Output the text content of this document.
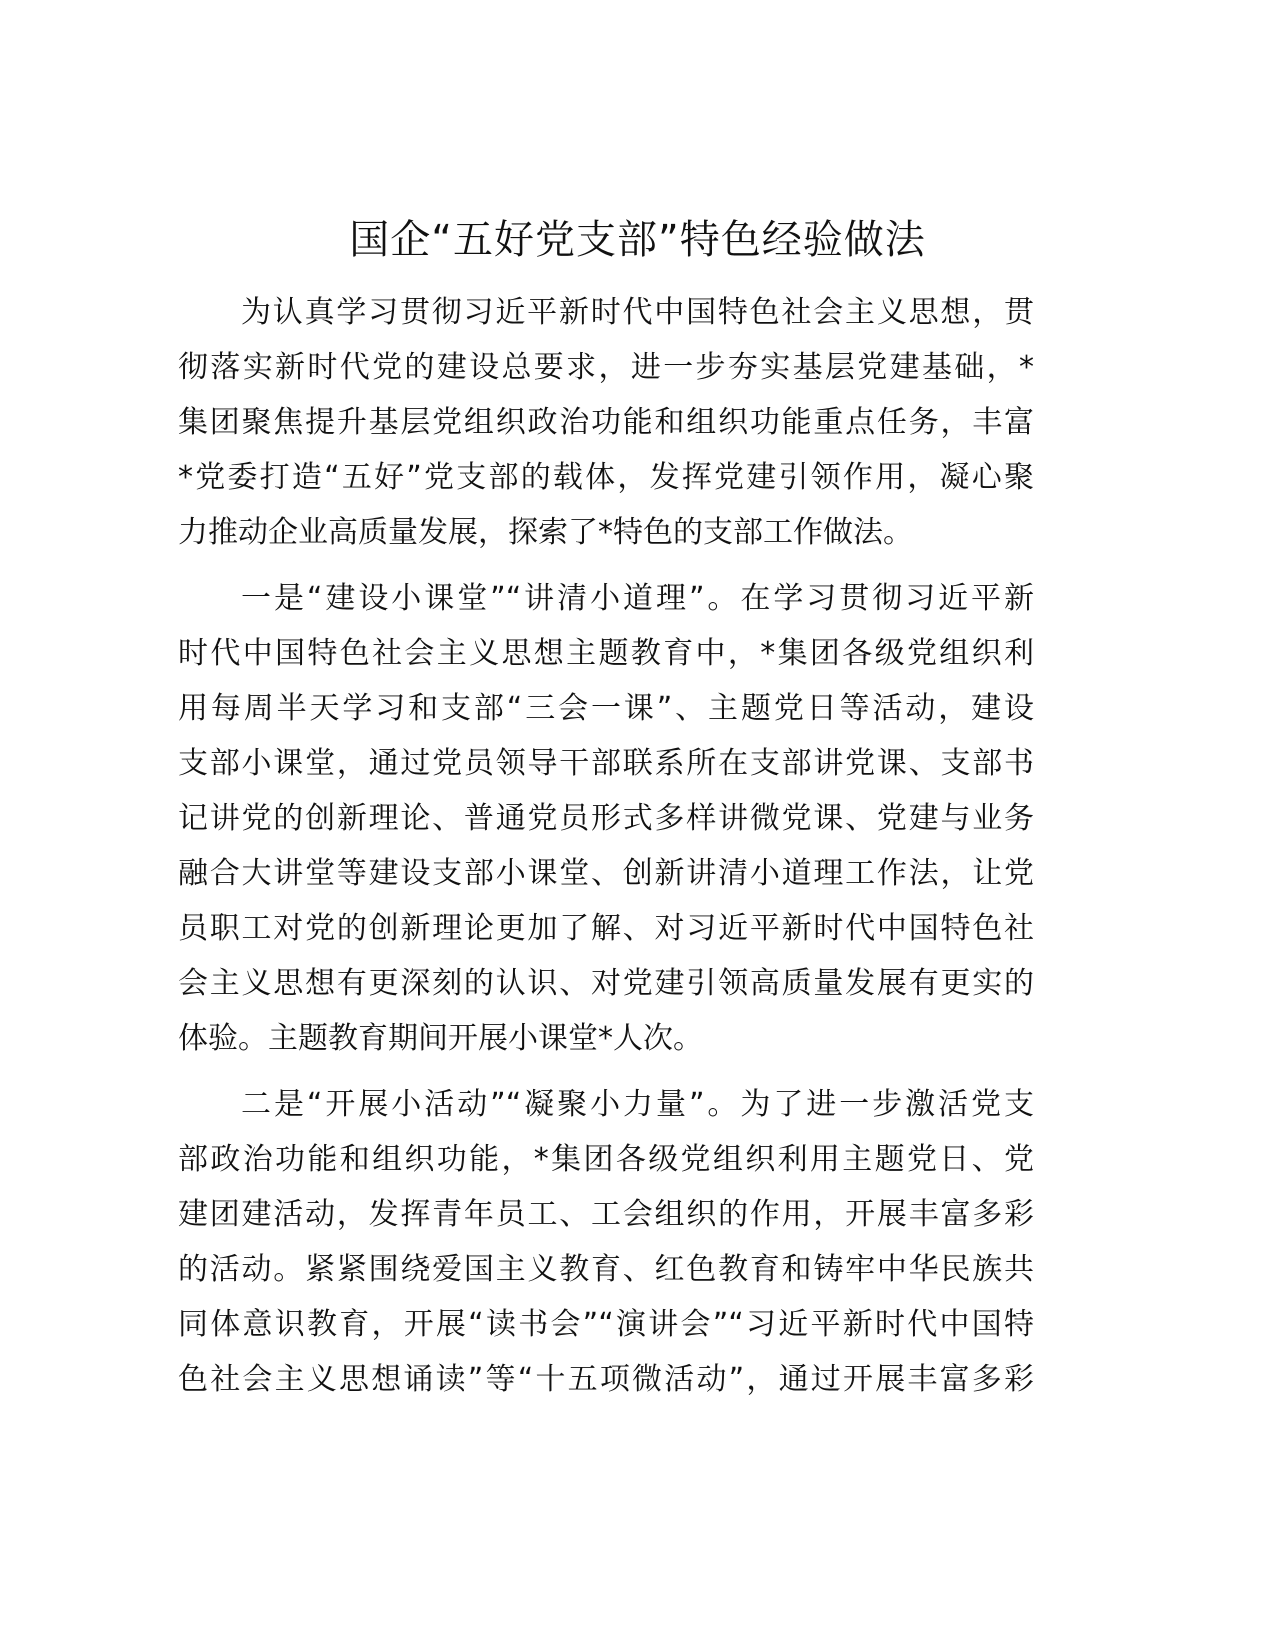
国企“五好党支部”特色经验做法
为认真学习贯彻习近平新时代中国特色社会主义思想，贯
彻落实新时代党的建设总要求，进一步夯实基层党建基础，*
集团聚焦提升基层党组织政治功能和组织功能重点任务，丰富
*党委打造“五好”党支部的载体，发挥党建引领作用，凝心聚
力推动企业高质量发展，探索了*特色的支部工作做法。
一是“建设小课堂”“讲清小道理”。在学习贯彻习近平新
时代中国特色社会主义思想主题教育中，*集团各级党组织利
用每周半天学习和支部“三会一课”、主题党日等活动，建设
支部小课堂，通过党员领导干部联系所在支部讲党课、支部书
记讲党的创新理论、普通党员形式多样讲微党课、党建与业务
融合大讲堂等建设支部小课堂、创新讲清小道理工作法，让党
员职工对党的创新理论更加了解、对习近平新时代中国特色社
会主义思想有更深刻的认识、对党建引领高质量发展有更实的
体验。主题教育期间开展小课堂*人次。
二是“开展小活动”“凝聚小力量”。为了进一步激活党支
部政治功能和组织功能，*集团各级党组织利用主题党日、党
建团建活动，发挥青年员工、工会组织的作用，开展丰富多彩
的活动。紧紧围绕爱国主义教育、红色教育和铸牢中华民族共
同体意识教育，开展“读书会”“演讲会”“习近平新时代中国特
色社会主义思想诵读”等“十五项微活动”，通过开展丰富多彩
